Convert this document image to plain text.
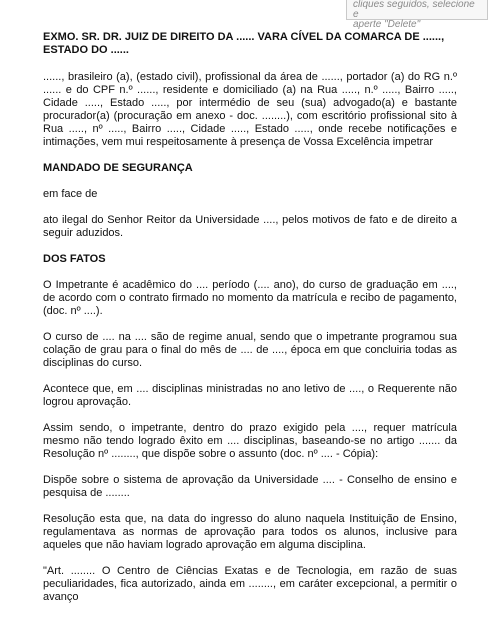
cliques seguidos, selecione e
aperte "Delete"
EXMO. SR. DR. JUIZ DE DIREITO DA ...... VARA CÍVEL DA COMARCA DE ......, ESTADO DO ......

......, brasileiro (a), (estado civil), profissional da área de ......, portador (a) do RG n.º ...... e do CPF n.º ......, residente e domiciliado (a) na Rua ....., n.º ....., Bairro ....., Cidade ....., Estado ....., por intermédio de seu (sua) advogado(a) e bastante procurador(a) (procuração em anexo - doc. ........), com escritório profissional sito à Rua ....., nº ....., Bairro ....., Cidade ....., Estado ....., onde recebe notificações e intimações, vem mui respeitosamente à presença de Vossa Excelência impetrar

MANDADO DE SEGURANÇA

em face de

ato ilegal do Senhor Reitor da Universidade ...., pelos motivos de fato e de direito a seguir aduzidos.

DOS FATOS

O Impetrante é acadêmico do .... período (.... ano), do curso de graduação em ...., de acordo com o contrato firmado no momento da matrícula e recibo de pagamento, (doc. nº ....).

O curso de .... na .... são de regime anual, sendo que o impetrante programou sua colação de grau para o final do mês de .... de ...., época em que concluiria todas as disciplinas do curso.

Acontece que, em .... disciplinas ministradas no ano letivo de ...., o Requerente não logrou aprovação.

Assim sendo, o impetrante, dentro do prazo exigido pela ...., requer matrícula mesmo não tendo logrado êxito em .... disciplinas, baseando-se no artigo ....... da Resolução nº ........, que dispõe sobre o assunto (doc. nº .... - Cópia):

Dispõe sobre o sistema de aprovação da Universidade .... - Conselho de ensino e pesquisa de ........

Resolução esta que, na data do ingresso do aluno naquela Instituição de Ensino, regulamentava as normas de aprovação para todos os alunos, inclusive para aqueles que não haviam logrado aprovação em alguma disciplina.

"Art. ........ O Centro de Ciências Exatas e de Tecnologia, em razão de suas peculiaridades, fica autorizado, ainda em ........, em caráter excepcional, a permitir o avanço
